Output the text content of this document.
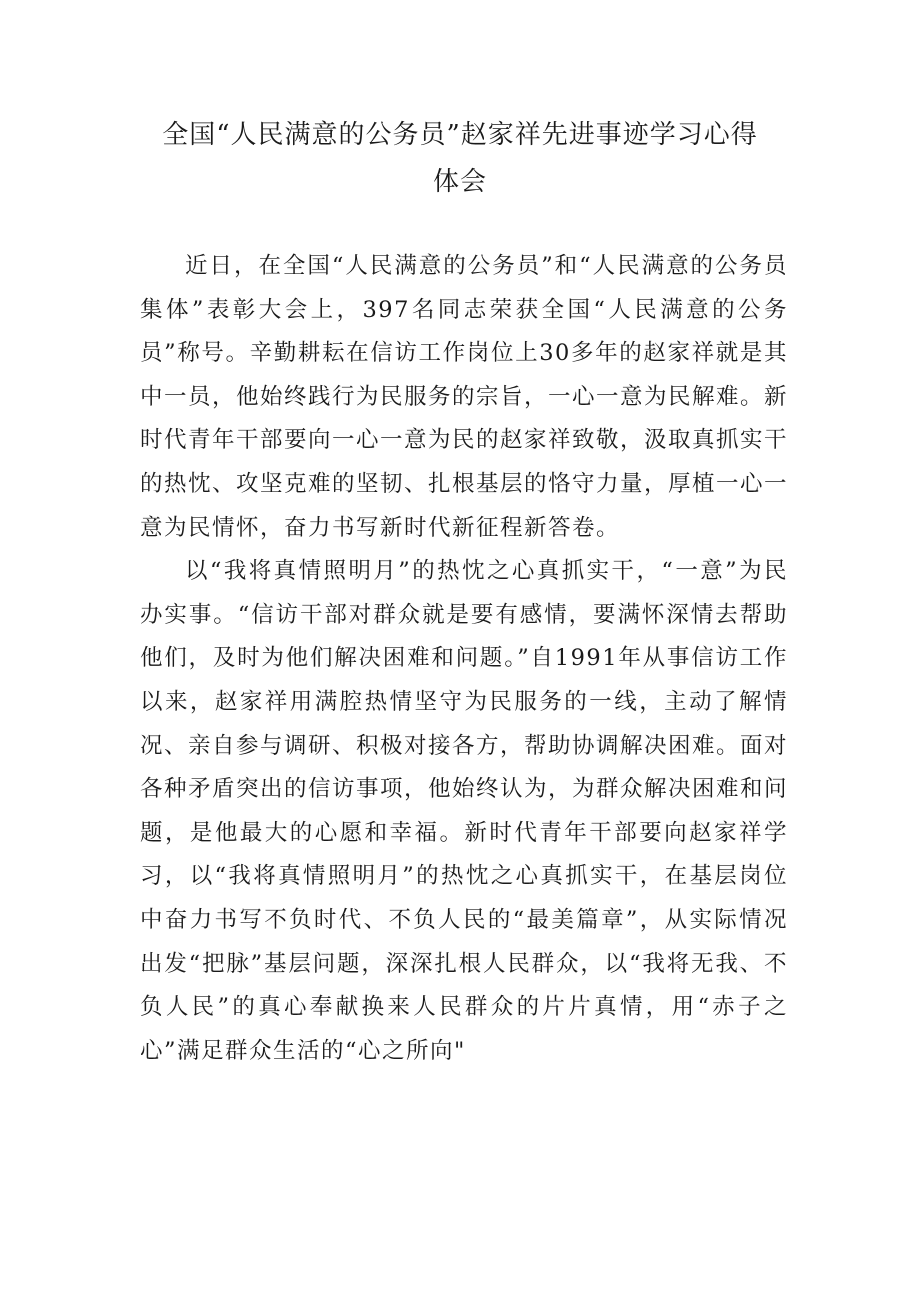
全国“人民满意的公务员”赵家祥先进事迹学习心得
体会

近日，在全国“人民满意的公务员”和“人民满意的公务员集体”表彰大会上，397名同志荣获全国“人民满意的公务员”称号。辛勤耕耘在信访工作岗位上30多年的赵家祥就是其中一员，他始终践行为民服务的宗旨，一心一意为民解难。新时代青年干部要向一心一意为民的赵家祥致敬，汲取真抓实干的热忱、攻坚克难的坚韧、扎根基层的恪守力量，厚植一心一意为民情怀，奋力书写新时代新征程新答卷。

以“我将真情照明月”的热忱之心真抓实干，“一意”为民办实事。“信访干部对群众就是要有感情，要满怀深情去帮助他们，及时为他们解决困难和问题。”自1991年从事信访工作以来，赵家祥用满腔热情坚守为民服务的一线，主动了解情况、亲自参与调研、积极对接各方，帮助协调解决困难。面对各种矛盾突出的信访事项，他始终认为，为群众解决困难和问题，是他最大的心愿和幸福。新时代青年干部要向赵家祥学习，以“我将真情照明月”的热忱之心真抓实干，在基层岗位中奋力书写不负时代、不负人民的“最美篇章”，从实际情况出发“把脉”基层问题，深深扎根人民群众，以“我将无我、不负人民”的真心奉献换来人民群众的片片真情，用“赤子之心”满足群众生活的“心之所向"
